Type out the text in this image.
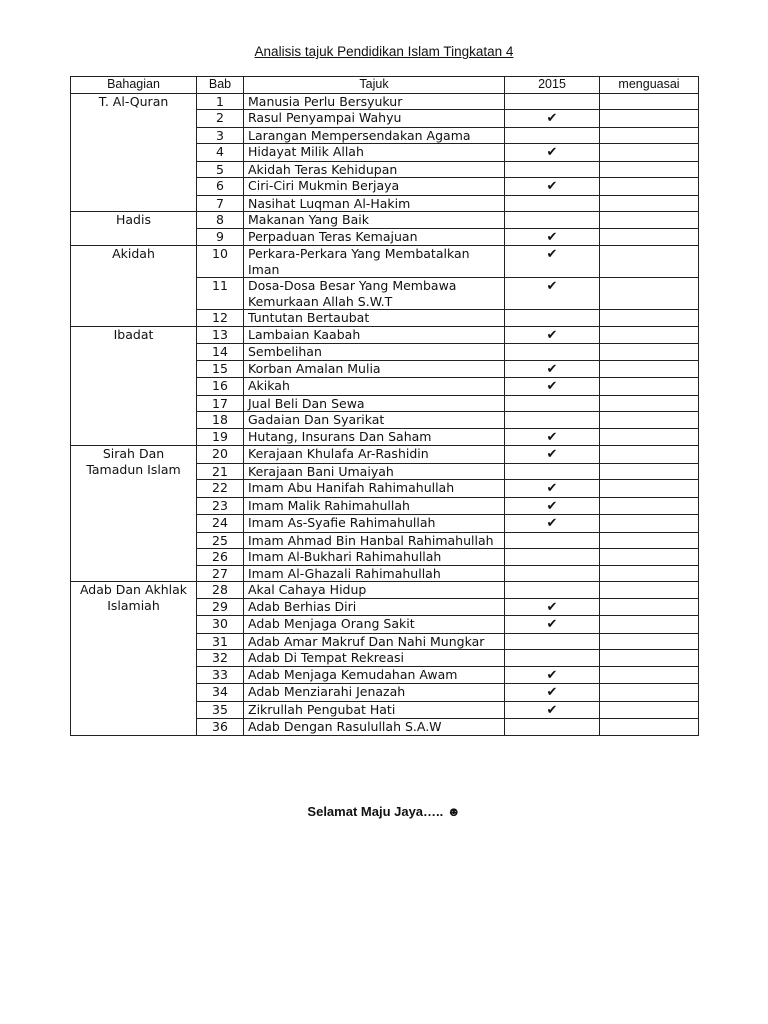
Analisis tajuk Pendidikan Islam Tingkatan 4
Bahagian	Bab	Tajuk	2015	menguasai
T. Al-Quran	1	Manusia Perlu Bersyukur		
	2	Rasul Penyampai Wahyu	✔	
	3	Larangan Mempersendakan Agama		
	4	Hidayat Milik Allah	✔	
	5	Akidah Teras Kehidupan		
	6	Ciri-Ciri Mukmin Berjaya	✔	
	7	Nasihat Luqman Al-Hakim		
Hadis	8	Makanan Yang Baik		
	9	Perpaduan Teras Kemajuan	✔	
Akidah	10	Perkara-Perkara Yang Membatalkan Iman	✔	
	11	Dosa-Dosa Besar Yang Membawa Kemurkaan Allah S.W.T	✔	
	12	Tuntutan Bertaubat		
Ibadat	13	Lambaian Kaabah	✔	
	14	Sembelihan		
	15	Korban Amalan Mulia	✔	
	16	Akikah	✔	
	17	Jual Beli Dan Sewa		
	18	Gadaian Dan Syarikat		
	19	Hutang, Insurans Dan Saham	✔	
Sirah Dan Tamadun Islam	20	Kerajaan Khulafa Ar-Rashidin	✔	
	21	Kerajaan Bani Umaiyah		
	22	Imam Abu Hanifah Rahimahullah	✔	
	23	Imam Malik Rahimahullah	✔	
	24	Imam As-Syafie Rahimahullah	✔	
	25	Imam Ahmad Bin Hanbal Rahimahullah		
	26	Imam Al-Bukhari Rahimahullah		
	27	Imam Al-Ghazali Rahimahullah		
Adab Dan Akhlak Islamiah	28	Akal Cahaya Hidup		
	29	Adab Berhias Diri	✔	
	30	Adab Menjaga Orang Sakit	✔	
	31	Adab Amar Makruf Dan Nahi Mungkar		
	32	Adab Di Tempat Rekreasi		
	33	Adab Menjaga Kemudahan Awam	✔	
	34	Adab Menziarahi Jenazah	✔	
	35	Zikrullah Pengubat Hati	✔	
	36	Adab Dengan Rasulullah S.A.W		
Selamat Maju Jaya….. ☻
